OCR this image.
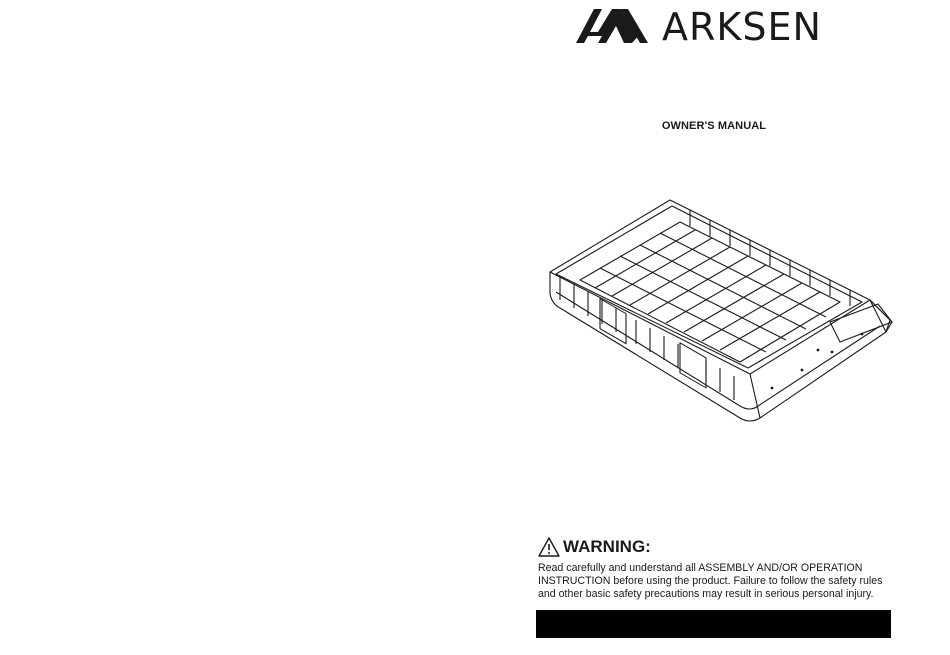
ARKSEN
OWNER'S MANUAL
WARNING:
Read carefully and understand all ASSEMBLY AND/OR OPERATION
INSTRUCTION before using the product. Failure to follow the safety rules
and other basic safety precautions may result in serious personal injury.
